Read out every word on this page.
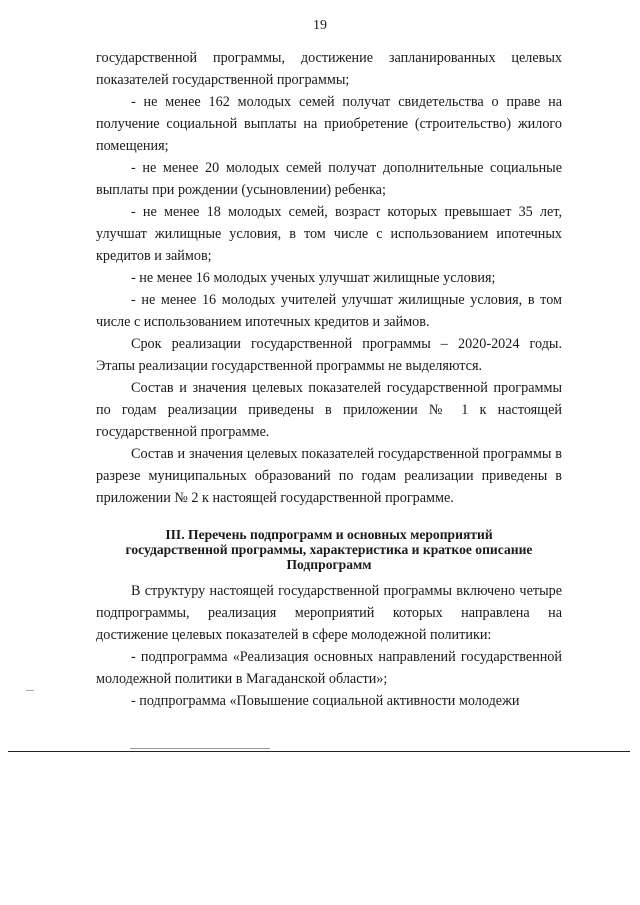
19

государственной программы, достижение запланированных целевых показателей государственной программы;

- не менее 162 молодых семей получат свидетельства о праве на получение социальной выплаты на приобретение (строительство) жилого помещения;

- не менее 20 молодых семей получат дополнительные социальные выплаты при рождении (усыновлении) ребенка;

- не менее 18 молодых семей, возраст которых превышает 35 лет, улучшат жилищные условия, в том числе с использованием ипотечных кредитов и займов;

- не менее 16 молодых ученых улучшат жилищные условия;

- не менее 16 молодых учителей улучшат жилищные условия, в том числе с использованием ипотечных кредитов и займов.

Срок реализации государственной программы – 2020-2024 годы. Этапы реализации государственной программы не выделяются.

Состав и значения целевых показателей государственной программы по годам реализации приведены в приложении № 1 к настоящей государственной программе.

Состав и значения целевых показателей государственной программы в разрезе муниципальных образований по годам реализации приведены в приложении № 2 к настоящей государственной программе.

III. Перечень подпрограмм и основных мероприятий
государственной программы, характеристика и краткое описание
Подпрограмм

В структуру настоящей государственной программы включено четыре подпрограммы, реализация мероприятий которых направлена на достижение целевых показателей в сфере молодежной политики:

- подпрограмма «Реализация основных направлений государственной молодежной политики в Магаданской области»;

- подпрограмма «Повышение социальной активности молодежи
